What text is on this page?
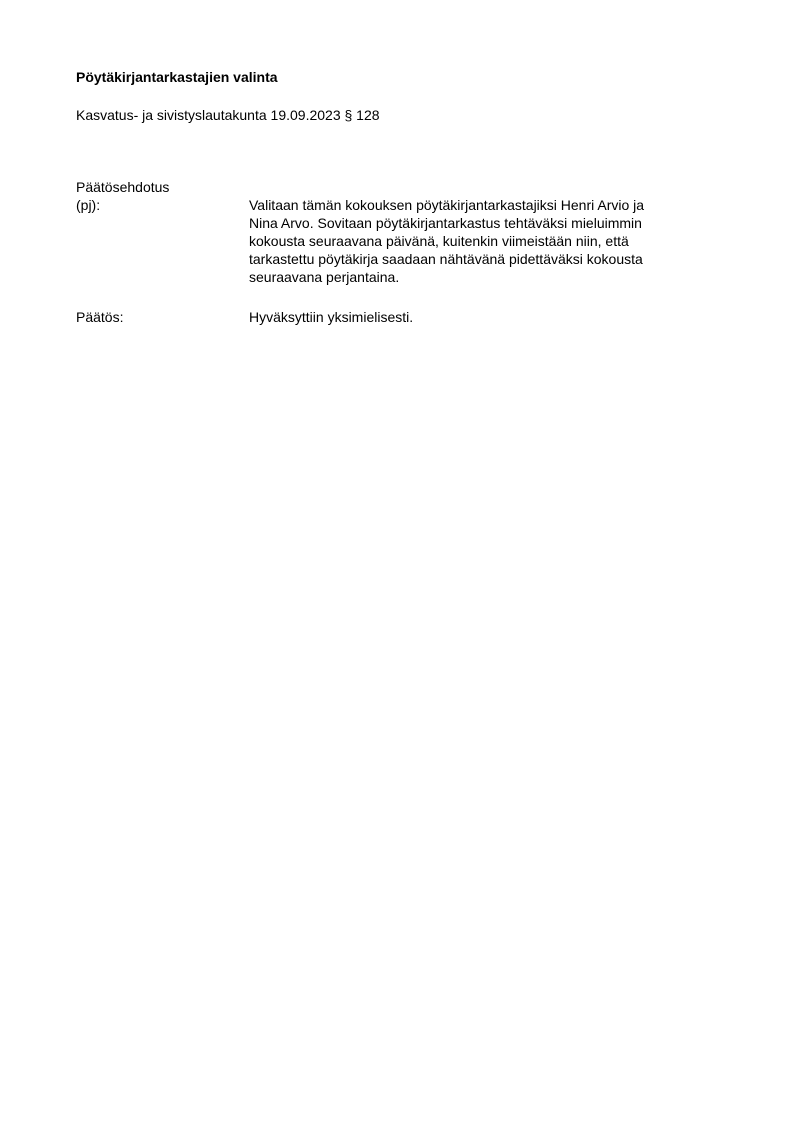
Pöytäkirjantarkastajien valinta
Kasvatus- ja sivistyslautakunta 19.09.2023 § 128
Päätösehdotus
(pj):	Valitaan tämän kokouksen pöytäkirjantarkastajiksi Henri Arvio ja
Nina Arvo. Sovitaan pöytäkirjantarkastus tehtäväksi mieluimmin
kokousta seuraavana päivänä, kuitenkin viimeistään niin, että
tarkastettu pöytäkirja saadaan nähtävänä pidettäväksi kokousta
seuraavana perjantaina.
Päätös:	Hyväksyttiin yksimielisesti.
